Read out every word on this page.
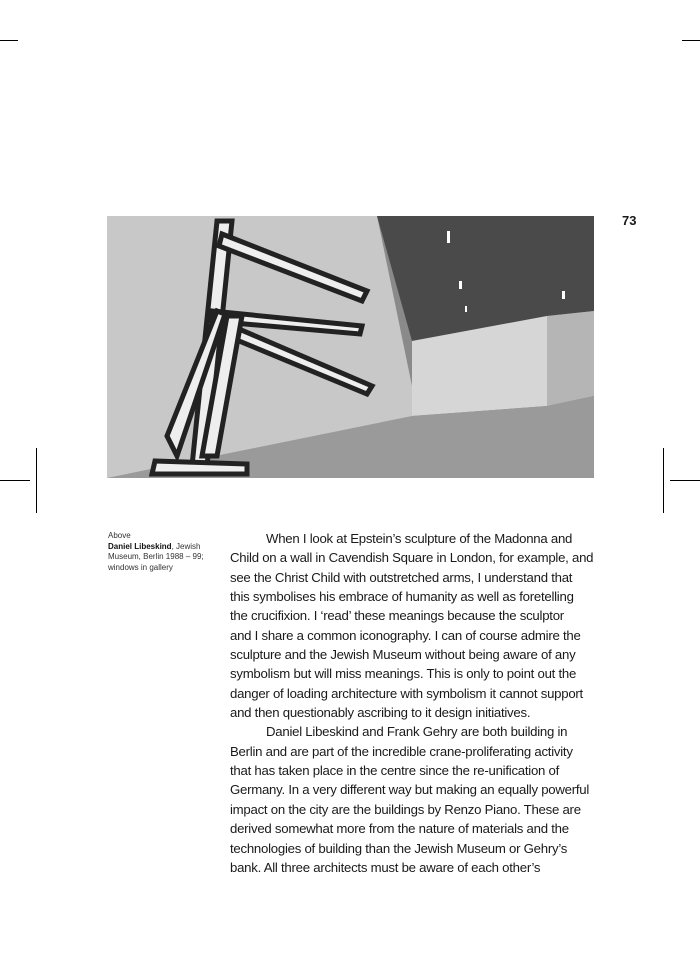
73
Above
Daniel Libeskind, Jewish
Museum, Berlin 1988 – 99;
windows in gallery
When I look at Epstein’s sculpture of the Madonna and
Child on a wall in Cavendish Square in London, for example, and
see the Christ Child with outstretched arms, I understand that
this symbolises his embrace of humanity as well as foretelling
the crucifixion. I ‘read’ these meanings because the sculptor
and I share a common iconography. I can of course admire the
sculpture and the Jewish Museum without being aware of any
symbolism but will miss meanings. This is only to point out the
danger of loading architecture with symbolism it cannot support
and then questionably ascribing to it design initiatives.
Daniel Libeskind and Frank Gehry are both building in
Berlin and are part of the incredible crane-proliferating activity
that has taken place in the centre since the re-unification of
Germany. In a very different way but making an equally powerful
impact on the city are the buildings by Renzo Piano. These are
derived somewhat more from the nature of materials and the
technologies of building than the Jewish Museum or Gehry’s
bank. All three architects must be aware of each other’s
